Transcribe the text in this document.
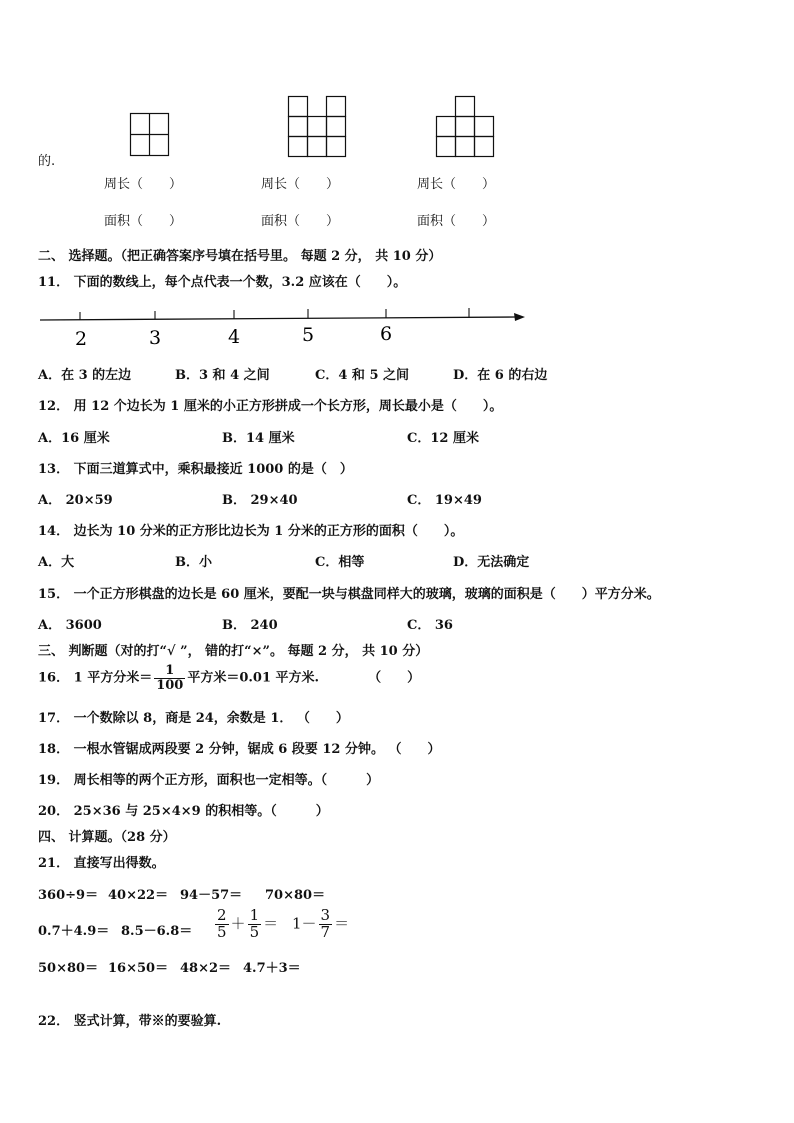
的.
周长（　　）	周长（　　）	周长（　　）
面积（　　）	面积（　　）	面积（　　）
二、 选择题。（把正确答案序号填在括号里。 每题 2 分， 共 10 分）
11． 下面的数线上，每个点代表一个数，3.2 应该在（　　）。
2	3	4	5	6
A．在 3 的左边	B．3 和 4 之间	C．4 和 5 之间	D．在 6 的右边
12． 用 12 个边长为 1 厘米的小正方形拼成一个长方形，周长最小是（　　）。
A．16 厘米	B．14 厘米	C．12 厘米
13． 下面三道算式中，乘积最接近 1000 的是（　）
A． 20×59	B． 29×40	C． 19×49
14． 边长为 10 分米的正方形比边长为 1 分米的正方形的面积（　　）。
A．大	B．小	C．相等	D．无法确定
15． 一个正方形棋盘的边长是 60 厘米，要配一块与棋盘同样大的玻璃，玻璃的面积是（　　）平方分米。
A． 3600	B． 240	C． 36
三、 判断题（对的打“√ ”， 错的打“×”。 每题 2 分， 共 10 分）
16． 1 平方分米＝ $\frac{1}{100}$ 平方米＝0.01 平方米.	（　　）
17． 一个数除以 8，商是 24，余数是 1． （　　）
18． 一根水管锯成两段要 2 分钟，锯成 6 段要 12 分钟。 （　　）
19． 周长相等的两个正方形，面积也一定相等。（　　　）
20． 25×36 与 25×4×9 的积相等。（　　　）
四、 计算题。（28 分）
21． 直接写出得数。
360÷9＝ 40×22＝ 94－57＝ 70×80＝
$0.7+4.9= 8.5-6.8= \frac{2}{5} + \frac{1}{5} = 1- \frac{3}{7}$ ＝
50×80＝ 16×50＝ 48×2＝ 4.7＋3＝
22． 竖式计算，带※的要验算.
